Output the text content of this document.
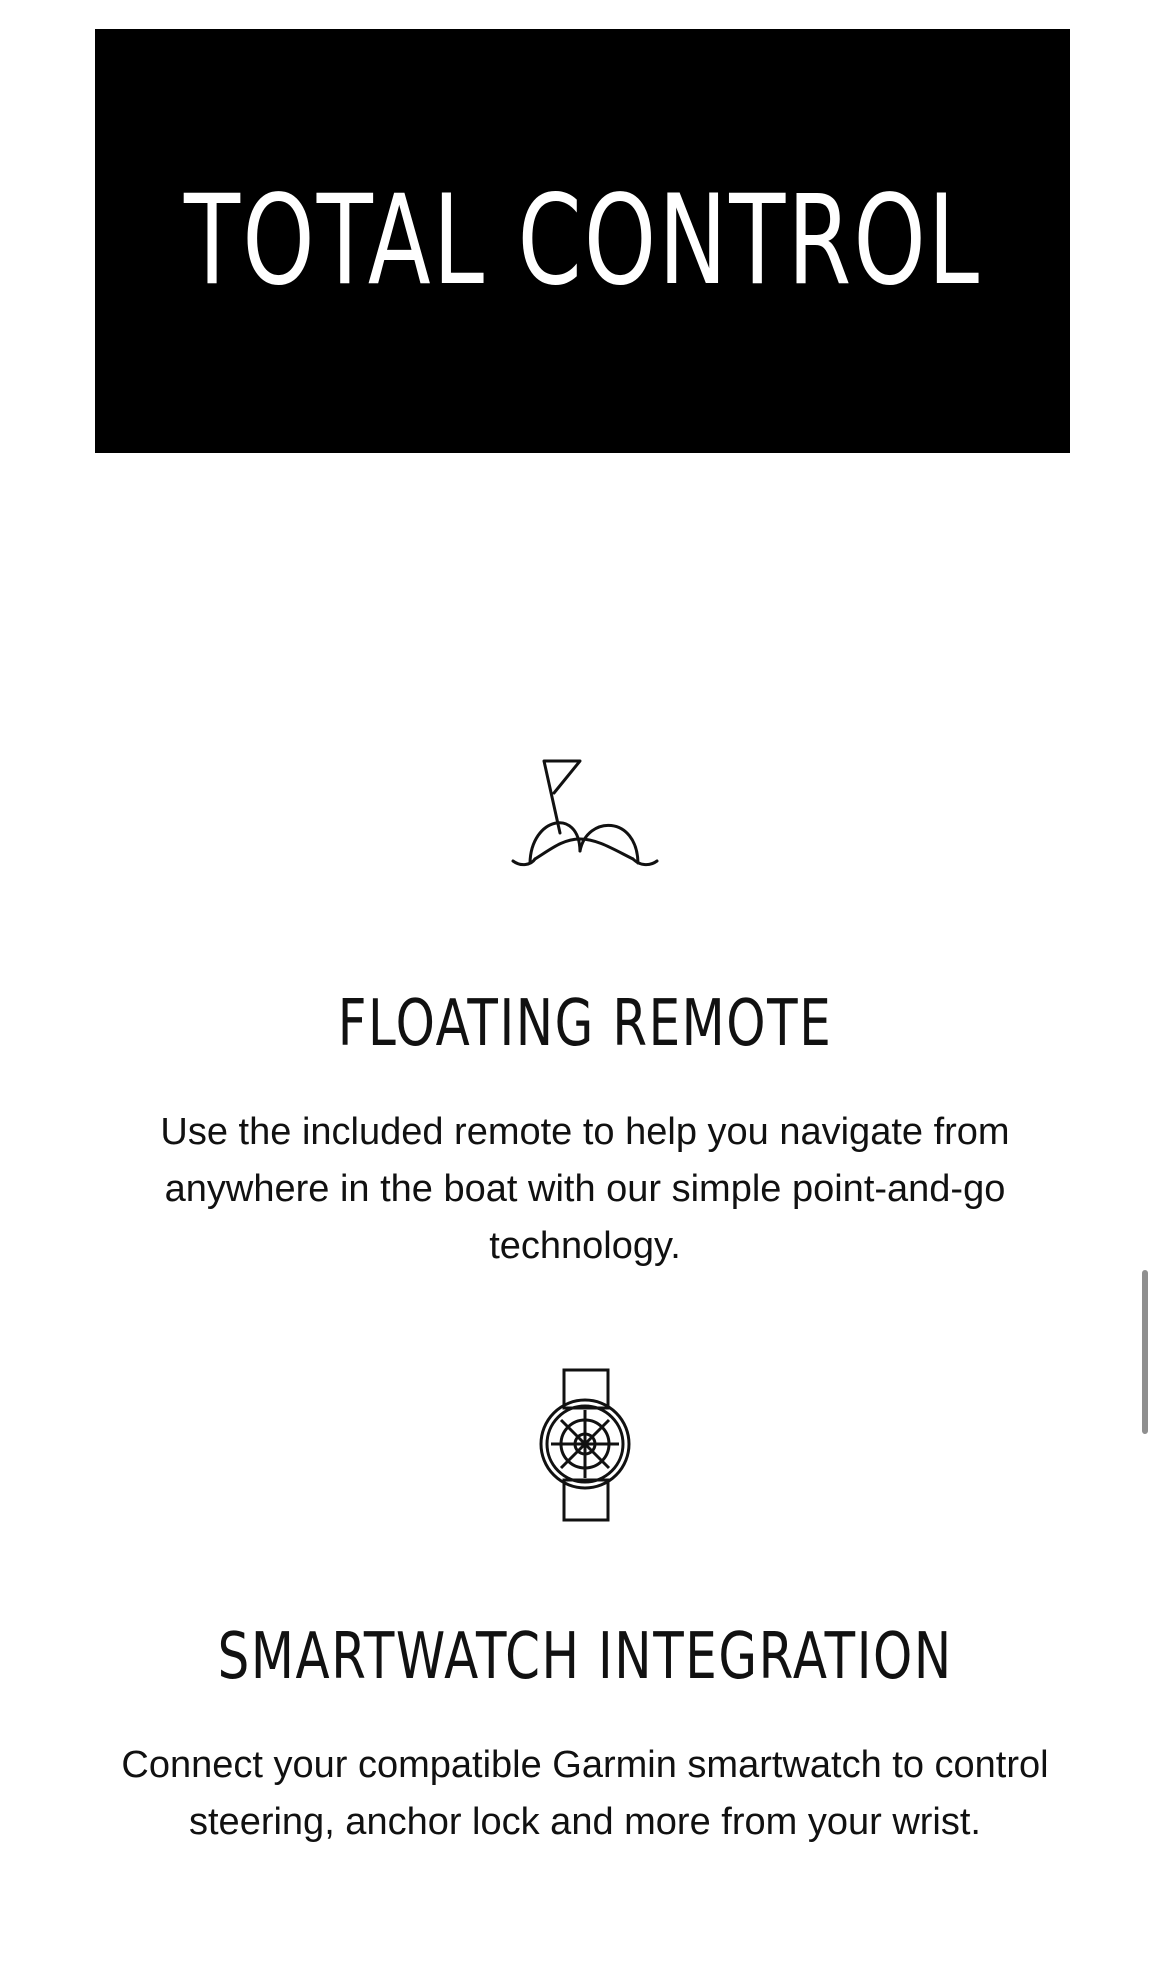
TOTAL CONTROL
FLOATING REMOTE

Use the included remote to help you navigate from anywhere in the boat with our simple point-and-go technology.

SMARTWATCH INTEGRATION

Connect your compatible Garmin smartwatch to control steering, anchor lock and more from your wrist.
